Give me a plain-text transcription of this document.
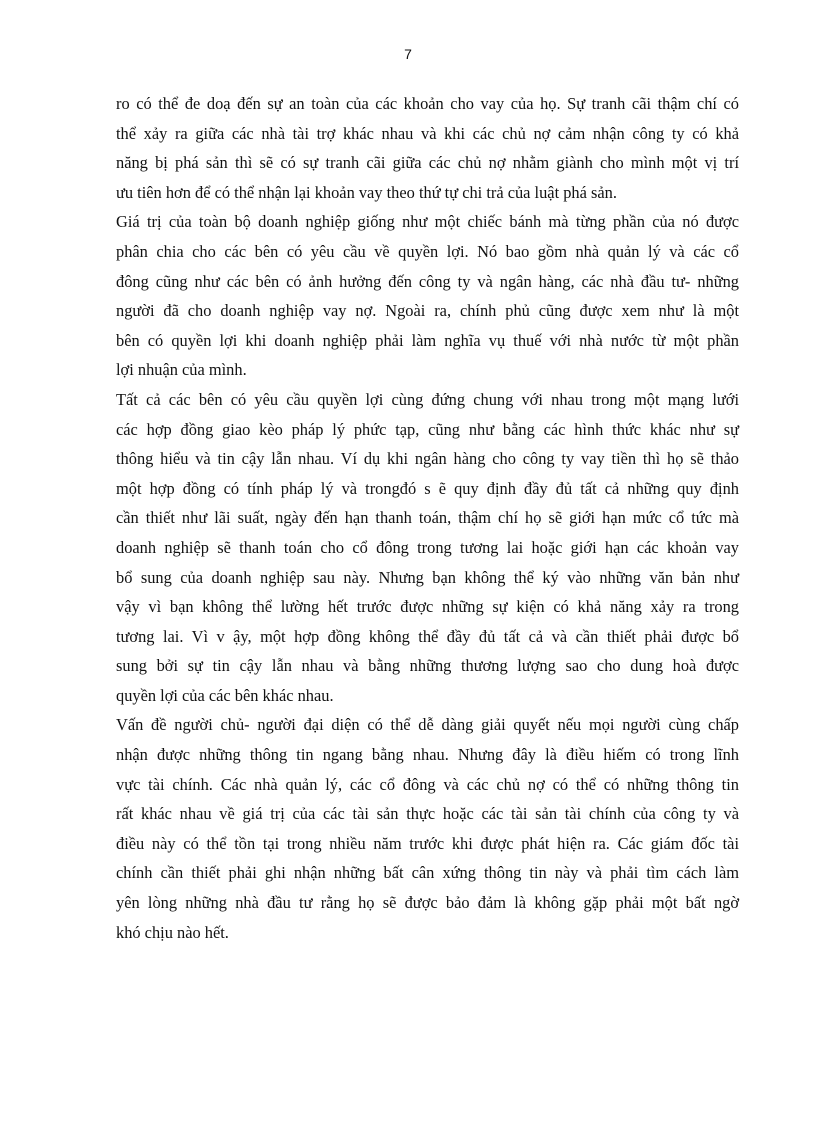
7

ro có thể đe doạ đến sự an toàn của các khoản cho vay của họ. Sự tranh cãi thậm chí có
thể xảy ra giữa các nhà tài trợ khác nhau và khi các chủ nợ cảm nhận công ty có khả
năng bị phá sản thì sẽ có sự tranh cãi giữa các chủ nợ nhằm giành cho mình một vị trí
ưu tiên hơn để có thể nhận lại khoản vay theo thứ tự chi trả của luật phá sản.

Giá trị của toàn bộ doanh nghiệp giống như một chiếc bánh mà từng phần của nó được
phân chia cho các bên có yêu cầu về quyền lợi. Nó bao gồm nhà quản lý và các cổ
đông cũng như các bên có ảnh hưởng đến công ty và ngân hàng, các nhà đầu tư- những
người đã cho doanh nghiệp vay nợ. Ngoài ra, chính phủ cũng được xem như là một
bên có quyền lợi khi doanh nghiệp phải làm nghĩa vụ thuế với nhà nước từ một phần
lợi nhuận của mình.

Tất cả các bên có yêu cầu quyền lợi cùng đứng chung với nhau trong một mạng lưới
các hợp đồng giao kèo pháp lý phức tạp, cũng như bằng các hình thức khác như sự
thông hiểu và tin cậy lẫn nhau. Ví dụ khi ngân hàng cho công ty vay tiền thì họ sẽ thảo
một hợp đồng có tính pháp lý và trongđó s ẽ quy định đầy đủ tất cả những quy định
cần thiết như lãi suất, ngày đến hạn thanh toán, thậm chí họ sẽ giới hạn mức cổ tức mà
doanh nghiệp sẽ thanh toán cho cổ đông trong tương lai hoặc giới hạn các khoản vay
bổ sung của doanh nghiệp sau này. Nhưng bạn không thể ký vào những văn bản như
vậy vì bạn không thể lường hết trước được những sự kiện có khả năng xảy ra trong
tương lai. Vì v ậy, một hợp đồng không thể đầy đủ tất cả và cần thiết phải được bổ
sung bởi sự tin cậy lẫn nhau và bằng những thương lượng sao cho dung hoà được
quyền lợi của các bên khác nhau.

Vấn đề người chủ- người đại diện có thể dễ dàng giải quyết nếu mọi người cùng chấp
nhận được những thông tin ngang bằng nhau. Nhưng đây là điều hiếm có trong lĩnh
vực tài chính. Các nhà quản lý, các cổ đông và các chủ nợ có thể có những thông tin
rất khác nhau về giá trị của các tài sản thực hoặc các tài sản tài chính của công ty và
điều này có thể tồn tại trong nhiều năm trước khi được phát hiện ra. Các giám đốc tài
chính cần thiết phải ghi nhận những bất cân xứng thông tin này và phải tìm cách làm
yên lòng những nhà đầu tư rằng họ sẽ được bảo đảm là không gặp phải một bất ngờ
khó chịu nào hết.
